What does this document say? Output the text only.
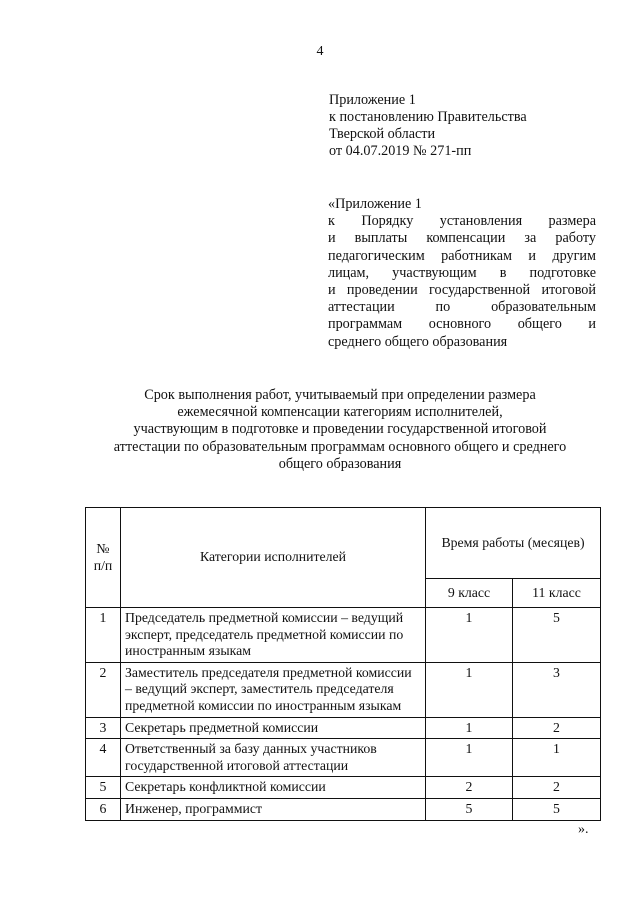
4
Приложение 1
к постановлению Правительства
Тверской области
от 04.07.2019 № 271-пп
«Приложение 1
к Порядку установления размера
и выплаты компенсации за работу
педагогическим работникам и другим
лицам, участвующим в подготовке
и проведении государственной итоговой
аттестации по образовательным
программам основного общего и
среднего общего образования
Срок выполнения работ, учитываемый при определении размера
ежемесячной компенсации категориям исполнителей,
участвующим в подготовке и проведении государственной итоговой
аттестации по образовательным программам основного общего и среднего
общего образования
№ п/п	Категории исполнителей	Время работы (месяцев)	
		9 класс	11 класс
1	Председатель предметной комиссии – ведущий эксперт, председатель предметной комиссии по иностранным языкам	1	5
2	Заместитель председателя предметной комиссии – ведущий эксперт, заместитель председателя предметной комиссии по иностранным языкам	1	3
3	Секретарь предметной комиссии	1	2
4	Ответственный за базу данных участников государственной итоговой аттестации	1	1
5	Секретарь конфликтной комиссии	2	2
6	Инженер, программист	5	5
».
